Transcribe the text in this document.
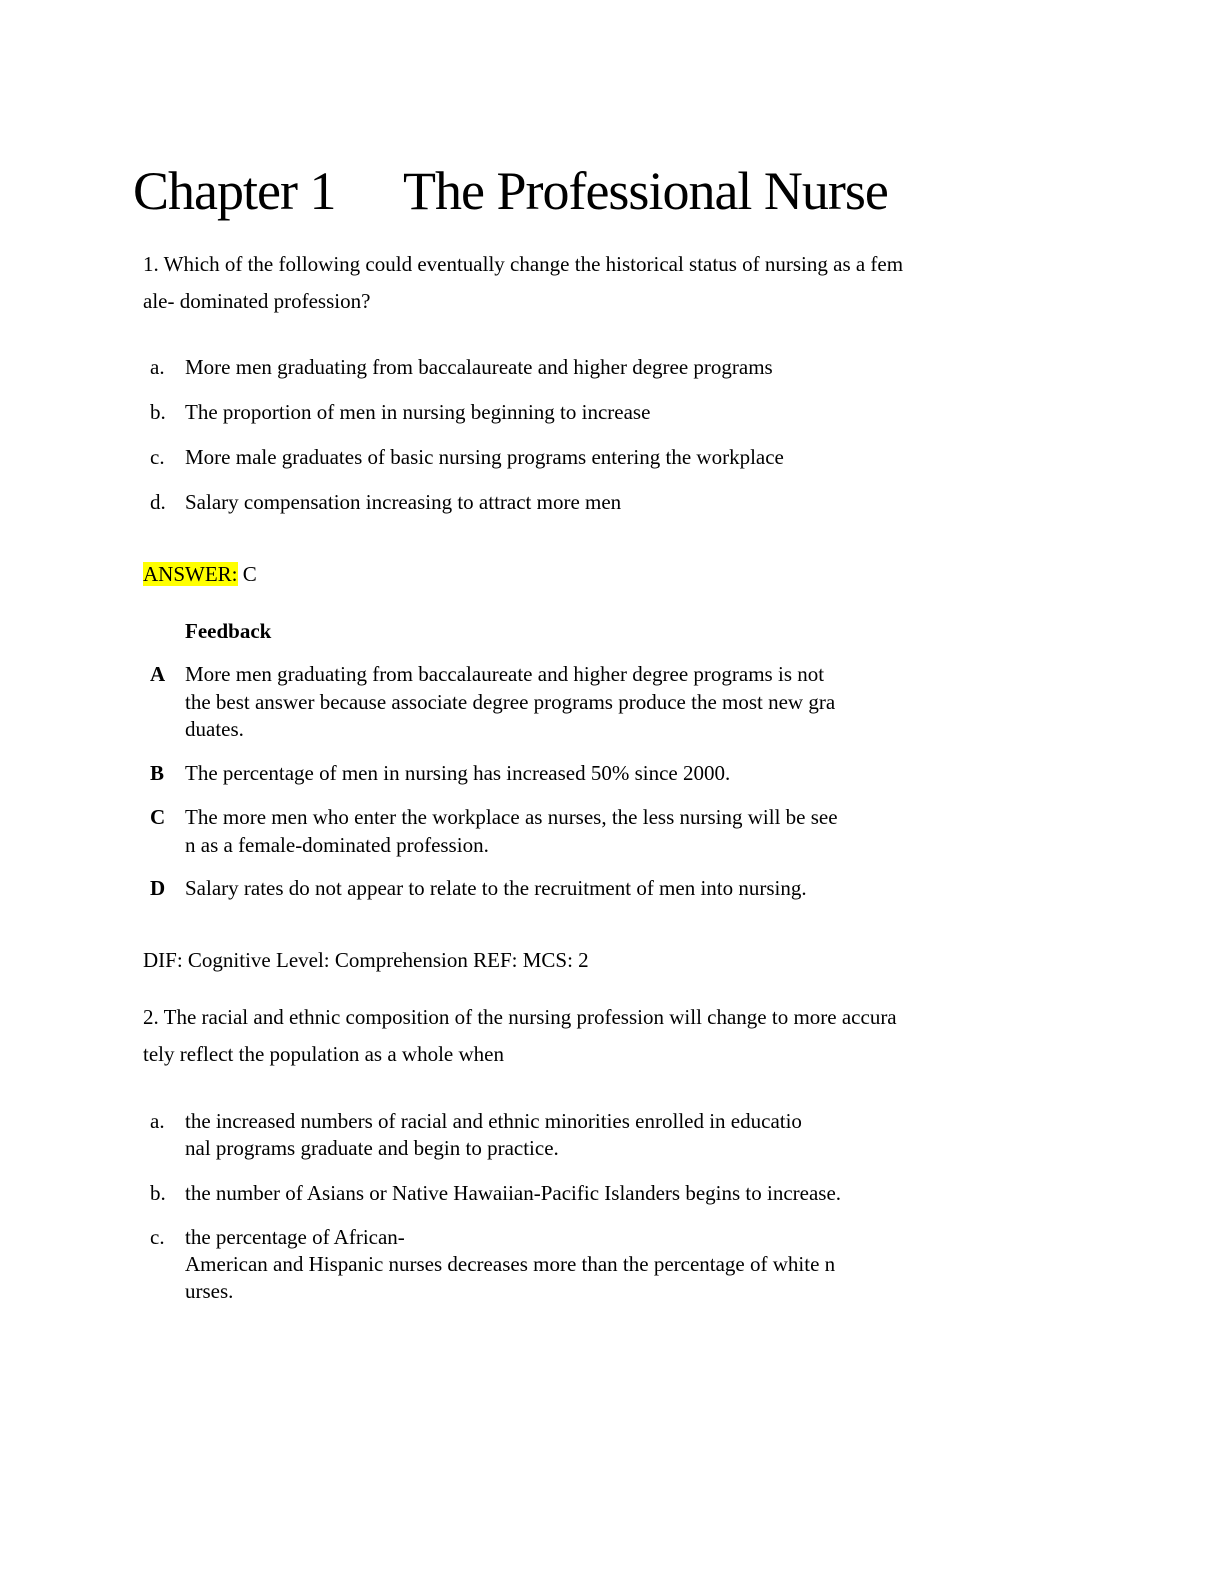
Chapter 1 The Professional Nurse
1. Which of the following could eventually change the historical status of nursing as a fem
ale- dominated profession?
a. More men graduating from baccalaureate and higher degree programs
b. The proportion of men in nursing beginning to increase
c. More male graduates of basic nursing programs entering the workplace
d. Salary compensation increasing to attract more men
ANSWER: C
Feedback
A More men graduating from baccalaureate and higher degree programs is not
the best answer because associate degree programs produce the most new gra
duates.
B The percentage of men in nursing has increased 50% since 2000.
C The more men who enter the workplace as nurses, the less nursing will be see
n as a female-dominated profession.
D Salary rates do not appear to relate to the recruitment of men into nursing.
DIF: Cognitive Level: Comprehension REF: MCS: 2
2. The racial and ethnic composition of the nursing profession will change to more accura
tely reflect the population as a whole when
a. the increased numbers of racial and ethnic minorities enrolled in educatio
nal programs graduate and begin to practice.
b. the number of Asians or Native Hawaiian-Pacific Islanders begins to increase.
c. the percentage of African-
American and Hispanic nurses decreases more than the percentage of white n
urses.
